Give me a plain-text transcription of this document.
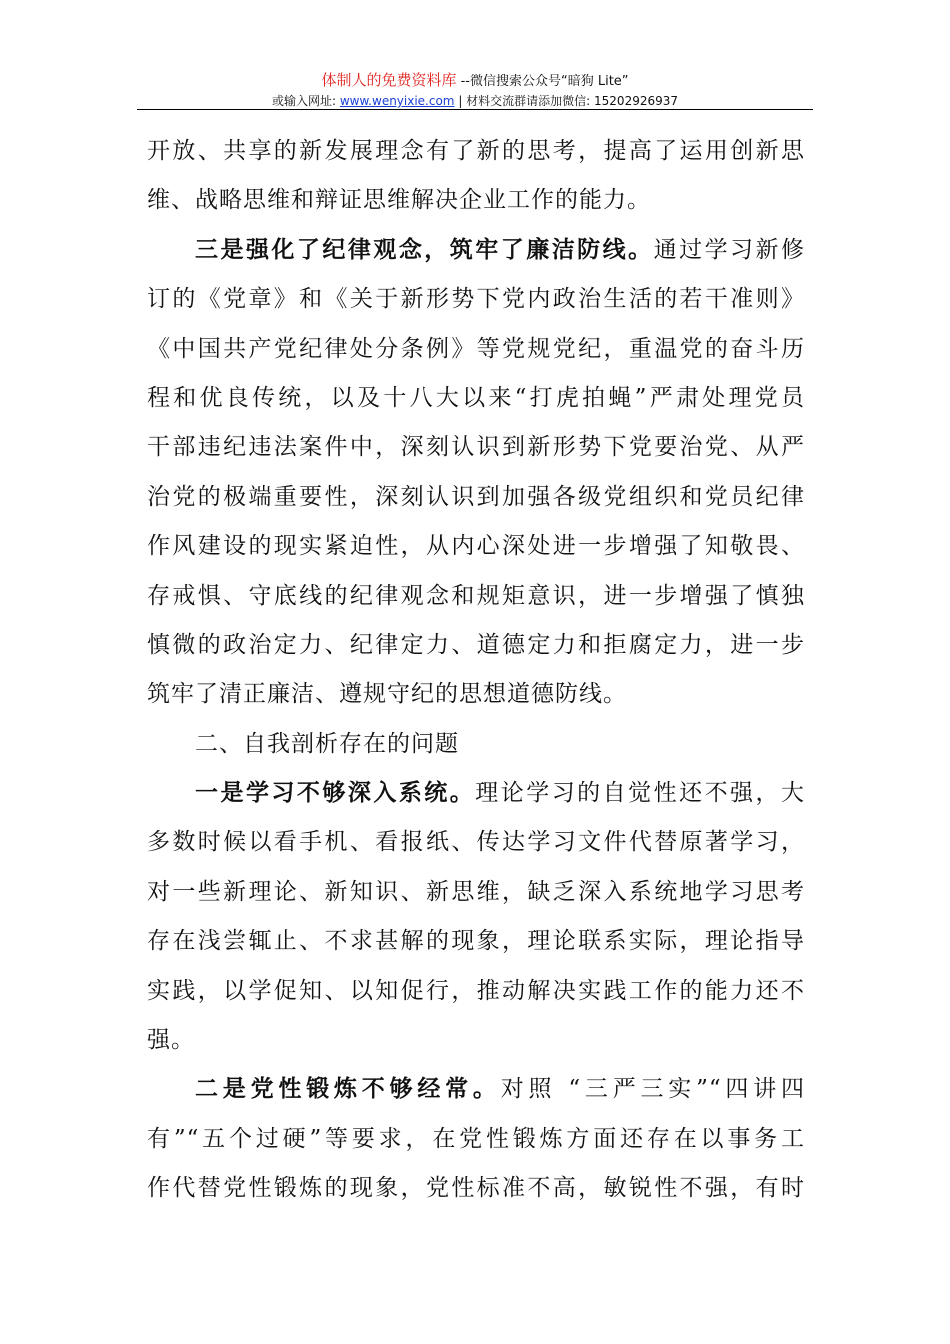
体制人的免费资料库 --微信搜索公众号“暗狗 Lite”
或输入网址: www.wenyixie.com | 材料交流群请添加微信: 15202926937
开放、共享的新发展理念有了新的思考，提高了运用创新思
维、战略思维和辩证思维解决企业工作的能力。
三是强化了纪律观念，筑牢了廉洁防线。通过学习新修
订的《党章》和《关于新形势下党内政治生活的若干准则》
《中国共产党纪律处分条例》等党规党纪，重温党的奋斗历
程和优良传统，以及十八大以来“打虎拍蝇”严肃处理党员
干部违纪违法案件中，深刻认识到新形势下党要治党、从严
治党的极端重要性，深刻认识到加强各级党组织和党员纪律
作风建设的现实紧迫性，从内心深处进一步增强了知敬畏、
存戒惧、守底线的纪律观念和规矩意识，进一步增强了慎独
慎微的政治定力、纪律定力、道德定力和拒腐定力，进一步
筑牢了清正廉洁、遵规守纪的思想道德防线。
二、自我剖析存在的问题
一是学习不够深入系统。理论学习的自觉性还不强，大
多数时候以看手机、看报纸、传达学习文件代替原著学习，
对一些新理论、新知识、新思维，缺乏深入系统地学习思考
存在浅尝辄止、不求甚解的现象，理论联系实际，理论指导
实践，以学促知、以知促行，推动解决实践工作的能力还不
强。
二是党性锻炼不够经常。对照 “三严三实”“四讲四
有”“五个过硬”等要求，在党性锻炼方面还存在以事务工
作代替党性锻炼的现象，党性标准不高，敏锐性不强，有时
